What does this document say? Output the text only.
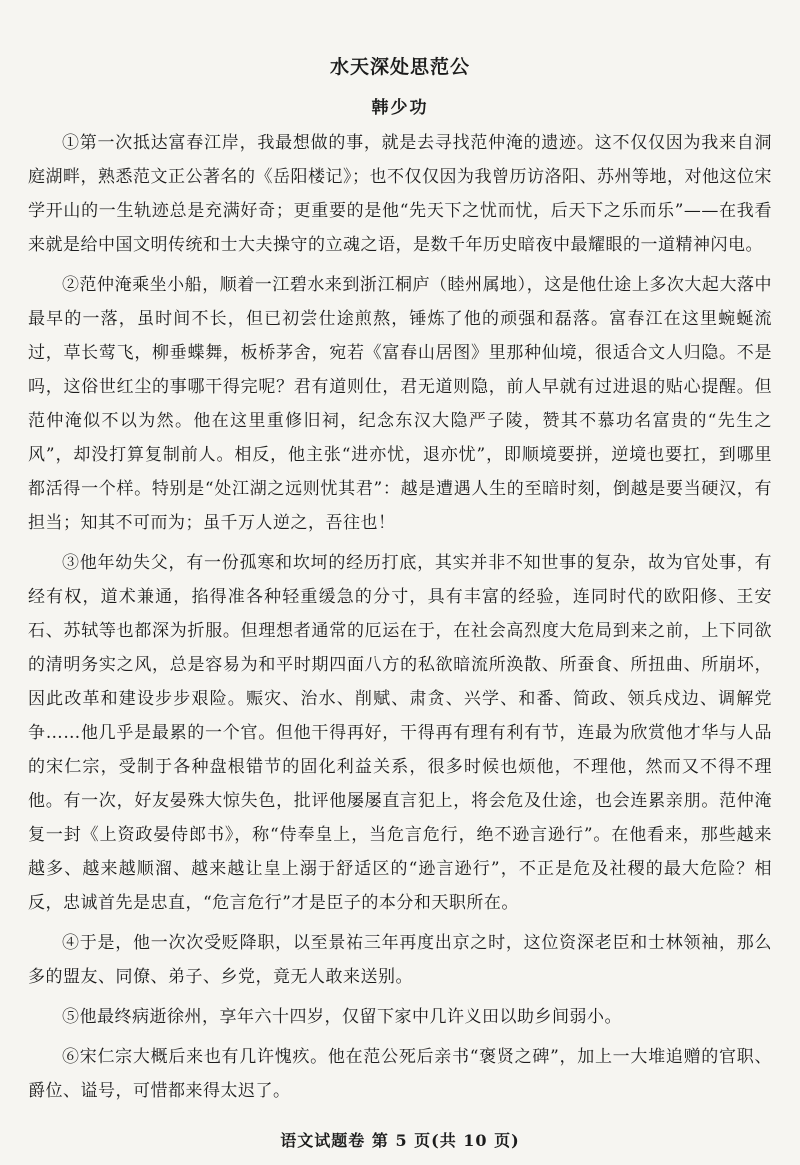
水天深处思范公
韩少功

①第一次抵达富春江岸，我最想做的事，就是去寻找范仲淹的遗迹。这不仅仅因为我来自洞庭湖畔，熟悉范文正公著名的《岳阳楼记》；也不仅仅因为我曾历访洛阳、苏州等地，对他这位宋学开山的一生轨迹总是充满好奇；更重要的是他“先天下之忧而忧，后天下之乐而乐”——在我看来就是给中国文明传统和士大夫操守的立魂之语，是数千年历史暗夜中最耀眼的一道精神闪电。

②范仲淹乘坐小船，顺着一江碧水来到浙江桐庐（睦州属地），这是他仕途上多次大起大落中最早的一落，虽时间不长，但已初尝仕途煎熬，锤炼了他的顽强和磊落。富春江在这里蜿蜒流过，草长莺飞，柳垂蝶舞，板桥茅舍，宛若《富春山居图》里那种仙境，很适合文人归隐。不是吗，这俗世红尘的事哪干得完呢？君有道则仕，君无道则隐，前人早就有过进退的贴心提醒。但范仲淹似不以为然。他在这里重修旧祠，纪念东汉大隐严子陵，赞其不慕功名富贵的“先生之风”，却没打算复制前人。相反，他主张“进亦忧，退亦忧”，即顺境要拼，逆境也要扛，到哪里都活得一个样。特别是“处江湖之远则忧其君”：越是遭遇人生的至暗时刻，倒越是要当硬汉，有担当；知其不可而为；虽千万人逆之，吾往也！

③他年幼失父，有一份孤寒和坎坷的经历打底，其实并非不知世事的复杂，故为官处事，有经有权，道术兼通，掐得准各种轻重缓急的分寸，具有丰富的经验，连同时代的欧阳修、王安石、苏轼等也都深为折服。但理想者通常的厄运在于，在社会高烈度大危局到来之前，上下同欲的清明务实之风，总是容易为和平时期四面八方的私欲暗流所涣散、所蚕食、所扭曲、所崩坏，因此改革和建设步步艰险。赈灾、治水、削赋、肃贪、兴学、和番、简政、领兵戍边、调解党争……他几乎是最累的一个官。但他干得再好，干得再有理有利有节，连最为欣赏他才华与人品的宋仁宗，受制于各种盘根错节的固化利益关系，很多时候也烦他，不理他，然而又不得不理他。有一次，好友晏殊大惊失色，批评他屡屡直言犯上，将会危及仕途，也会连累亲朋。范仲淹复一封《上资政晏侍郎书》，称“侍奉皇上，当危言危行，绝不逊言逊行”。在他看来，那些越来越多、越来越顺溜、越来越让皇上溺于舒适区的“逊言逊行”，不正是危及社稷的最大危险？相反，忠诚首先是忠直，“危言危行”才是臣子的本分和天职所在。

④于是，他一次次受贬降职，以至景祐三年再度出京之时，这位资深老臣和士林领袖，那么多的盟友、同僚、弟子、乡党，竟无人敢来送别。

⑤他最终病逝徐州，享年六十四岁，仅留下家中几许义田以助乡间弱小。

⑥宋仁宗大概后来也有几许愧疚。他在范公死后亲书“褒贤之碑”，加上一大堆追赠的官职、爵位、谥号，可惜都来得太迟了。

语文试题卷 第 5 页(共 10 页)
